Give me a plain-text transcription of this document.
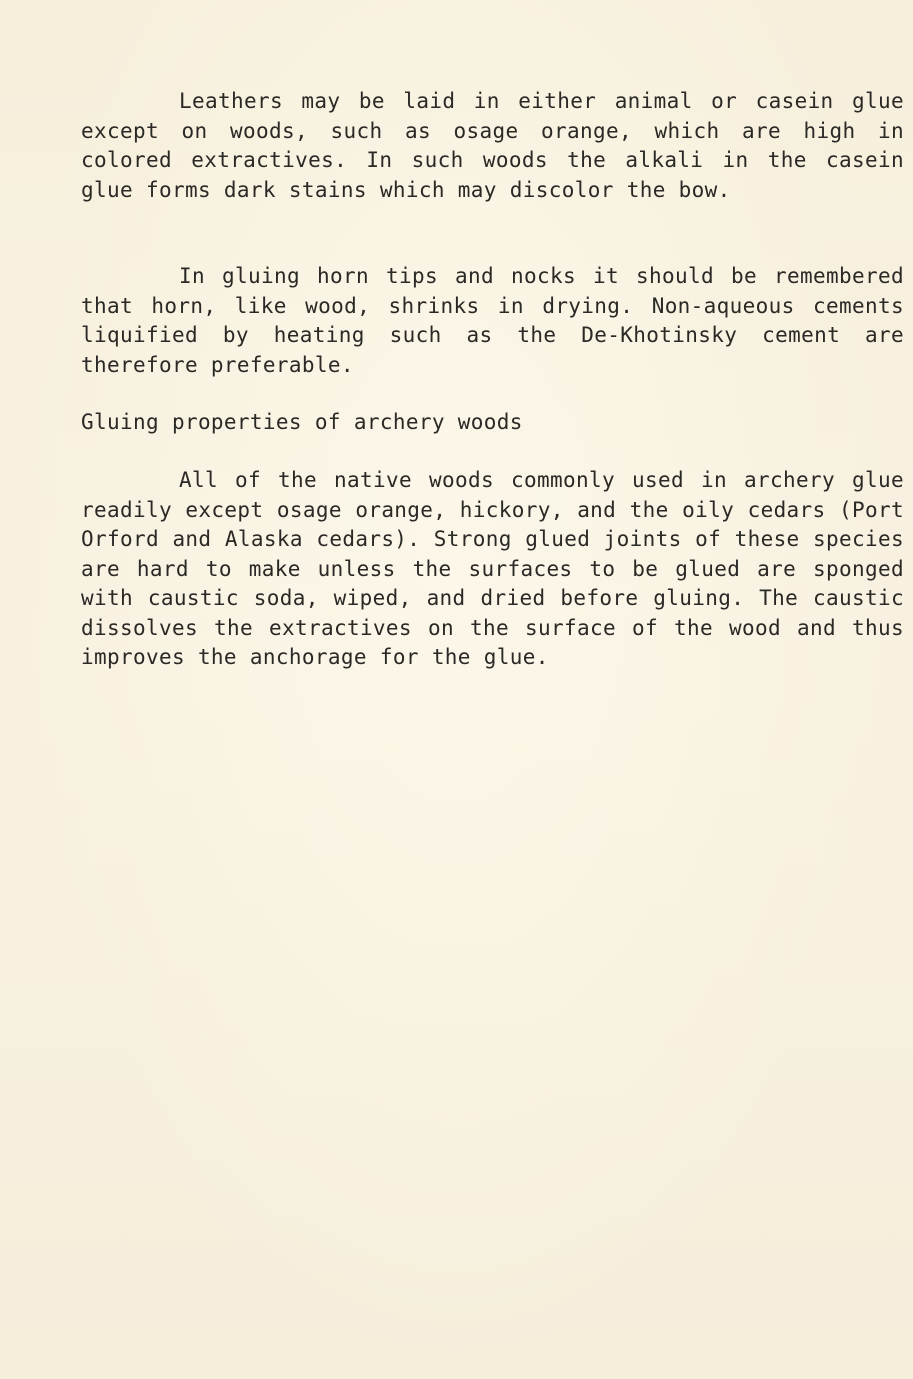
Leathers may be laid in either animal or casein glue except on woods, such as osage orange, which are high in colored extractives. In such woods the alkali in the casein glue forms dark stains which may discolor the bow.

In gluing horn tips and nocks it should be remembered that horn, like wood, shrinks in drying. Non-aqueous cements liquified by heating such as the De-Khotinsky cement are therefore preferable.

Gluing properties of archery woods

All of the native woods commonly used in archery glue readily except osage orange, hickory, and the oily cedars (Port Orford and Alaska cedars). Strong glued joints of these species are hard to make unless the surfaces to be glued are sponged with caustic soda, wiped, and dried before gluing. The caustic dissolves the extractives on the surface of the wood and thus improves the anchorage for the glue.
